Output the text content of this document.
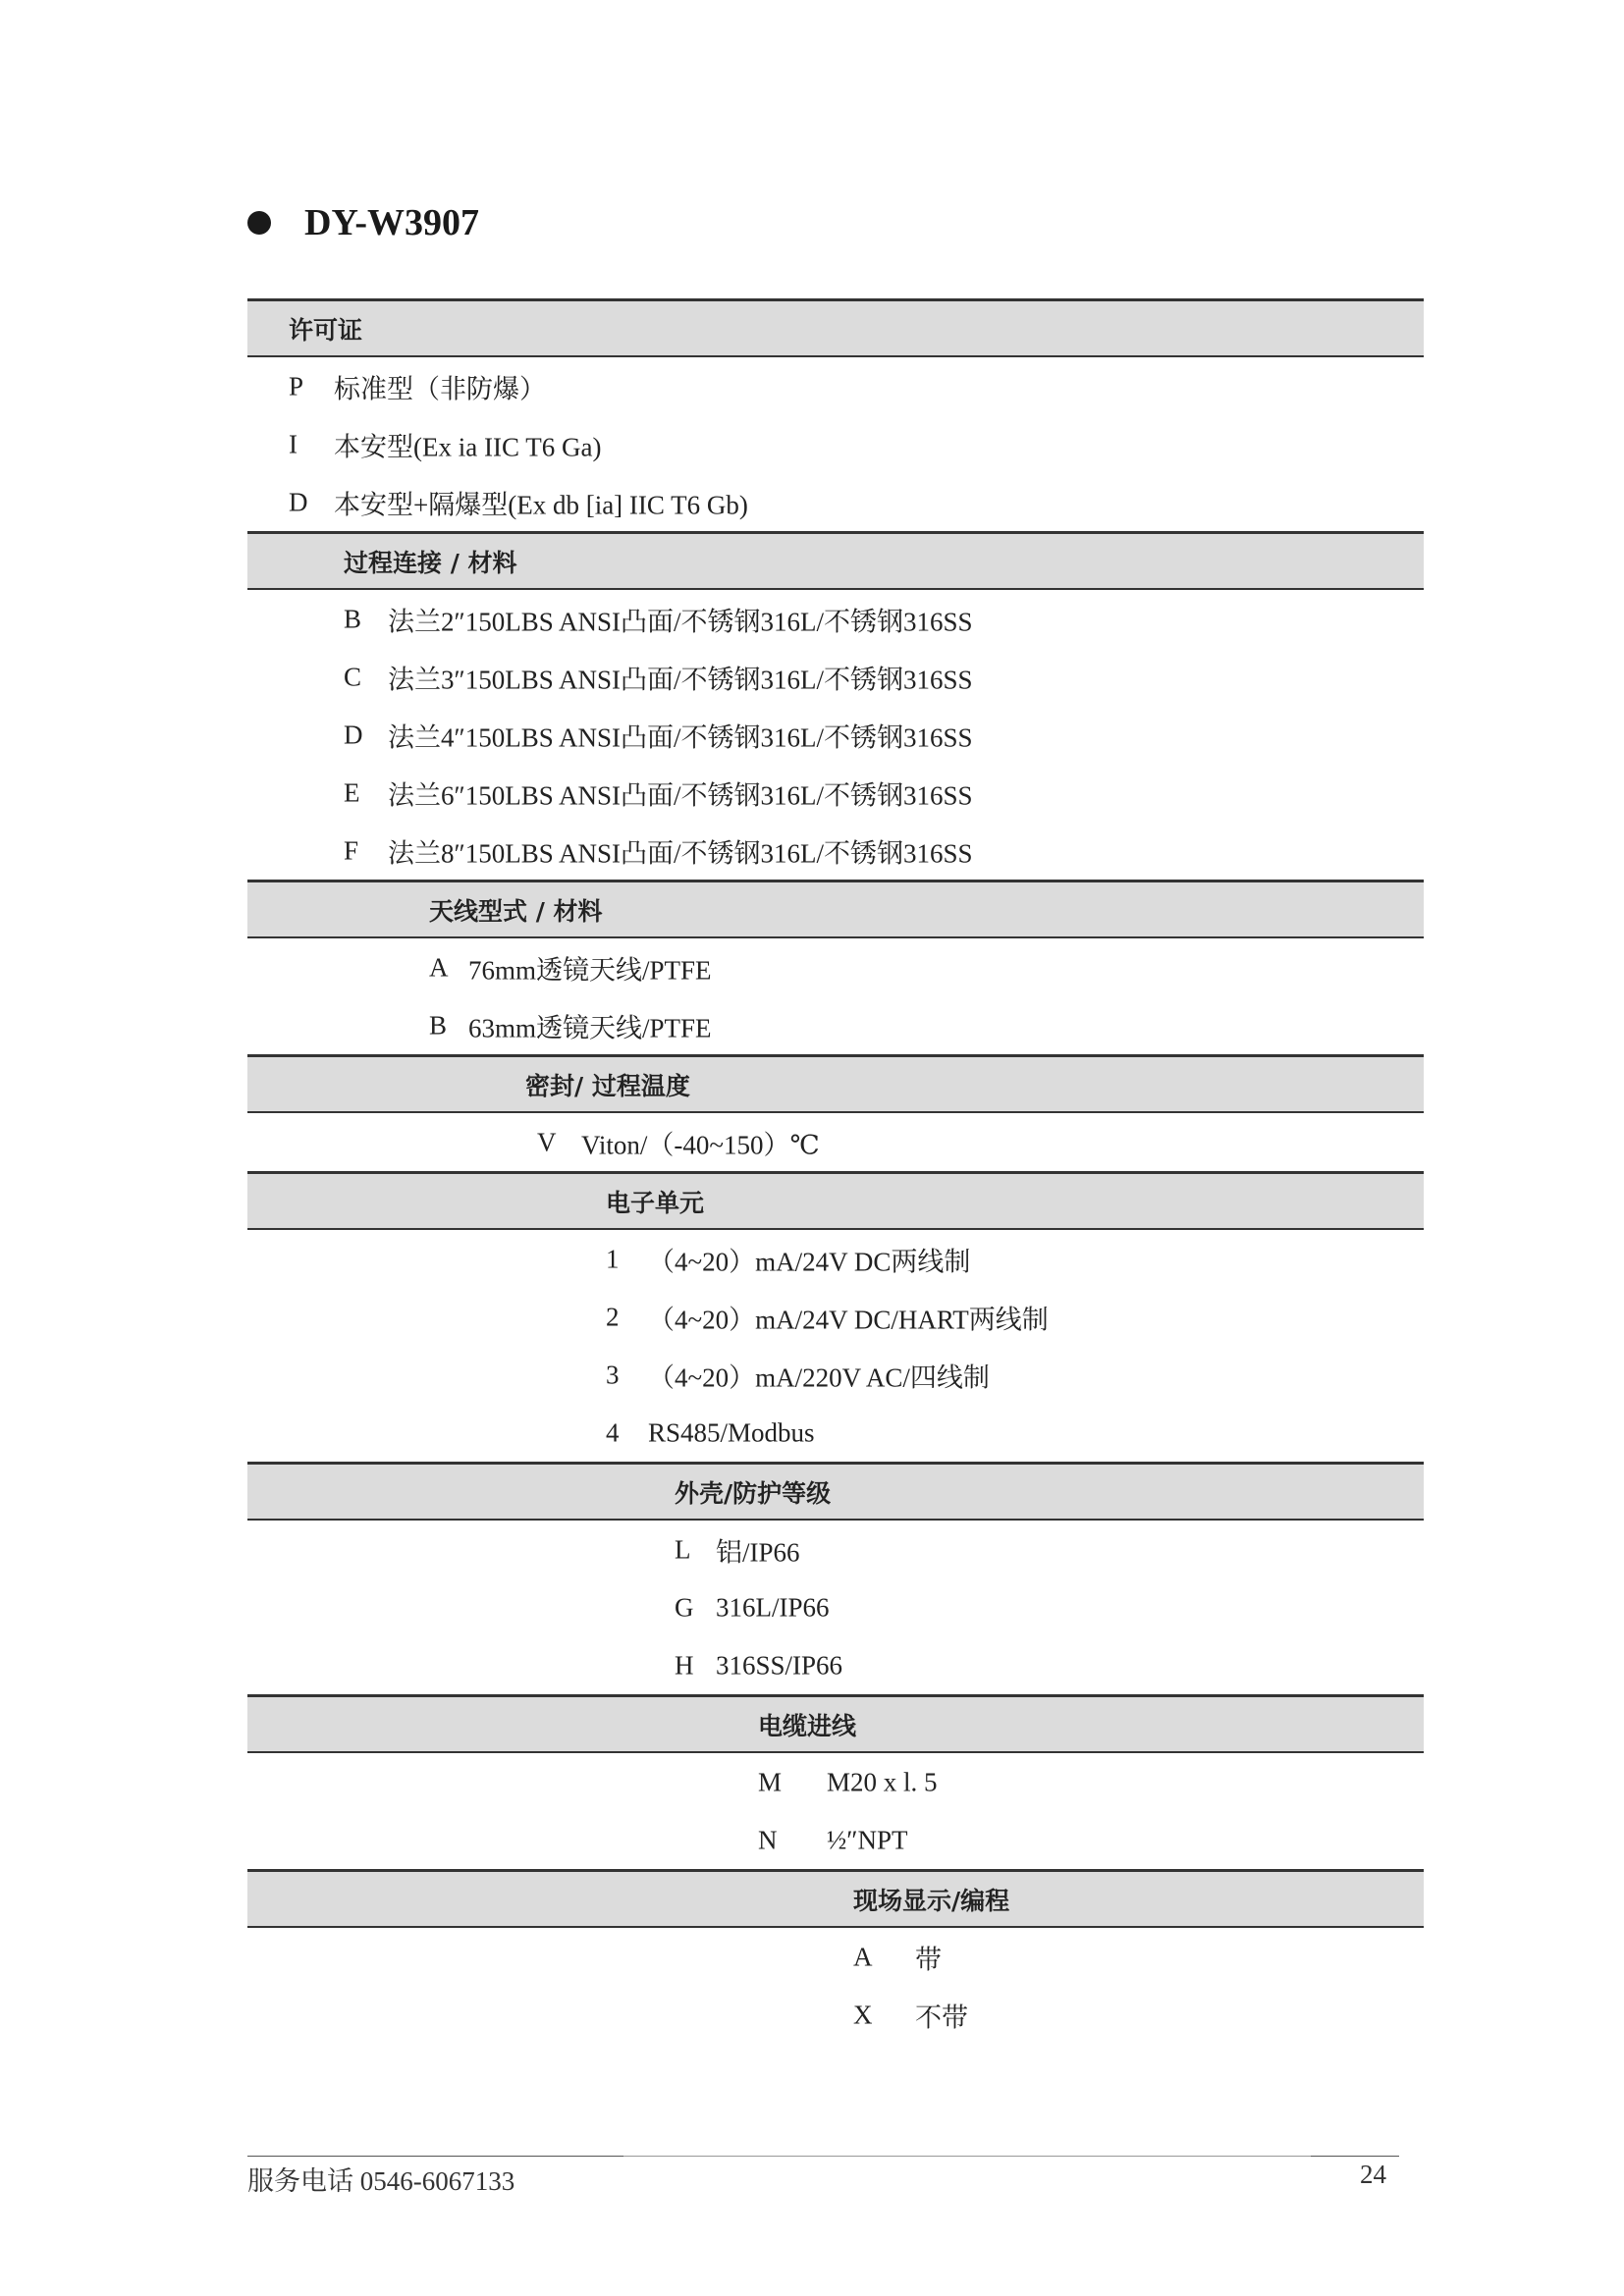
DY-W3907
许可证
P 标准型（非防爆）
I 本安型(Ex ia IIC T6 Ga)
D 本安型+隔爆型(Ex db [ia] IIC T6 Gb)
过程连接 / 材料
B 法兰2″150LBS ANSI凸面/不锈钢316L/不锈钢316SS
C 法兰3″150LBS ANSI凸面/不锈钢316L/不锈钢316SS
D 法兰4″150LBS ANSI凸面/不锈钢316L/不锈钢316SS
E 法兰6″150LBS ANSI凸面/不锈钢316L/不锈钢316SS
F 法兰8″150LBS ANSI凸面/不锈钢316L/不锈钢316SS
天线型式 / 材料
A 76mm透镜天线/PTFE
B 63mm透镜天线/PTFE
密封/ 过程温度
V Viton/（-40~150）℃
电子单元
1 （4~20）mA/24V DC两线制
2 （4~20）mA/24V DC/HART两线制
3 （4~20）mA/220V AC/四线制
4 RS485/Modbus
外壳/防护等级
L 铝/IP66
G 316L/IP66
H 316SS/IP66
电缆进线
M M20 x l. 5
N ½″NPT
现场显示/编程
A 带
X 不带
服务电话 0546-6067133	24
